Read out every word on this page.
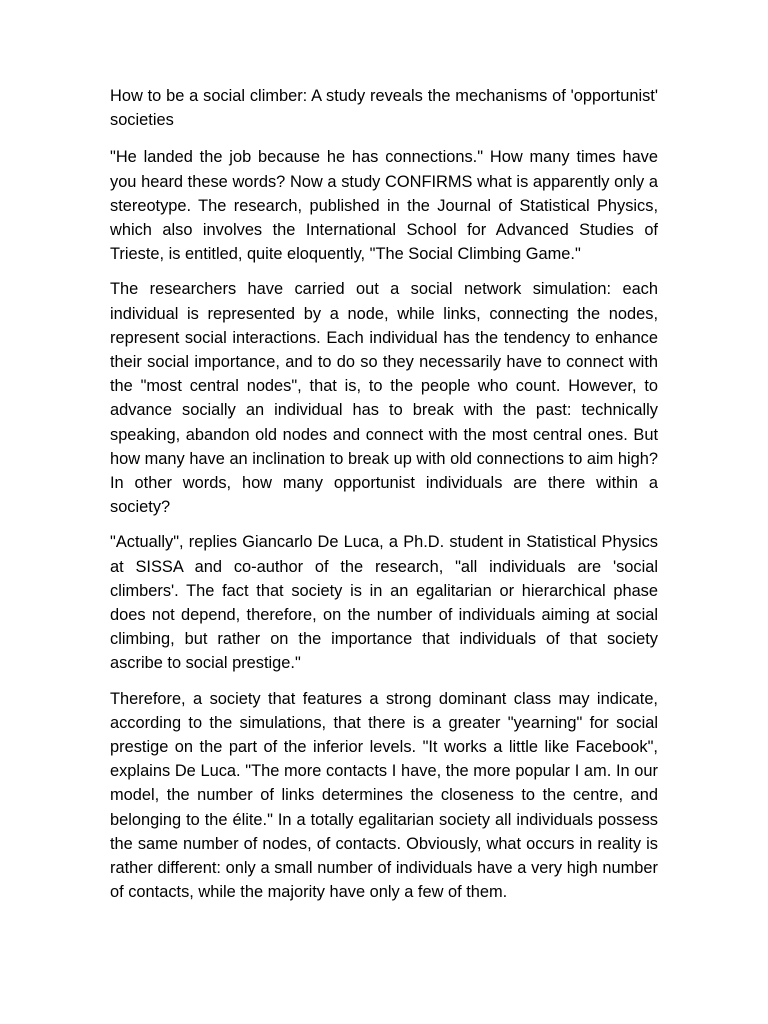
How to be a social climber: A study reveals the mechanisms of 'opportunist' societies

"He landed the job because he has connections." How many times have you heard these words? Now a study CONFIRMS what is apparently only a stereotype. The research, published in the Journal of Statistical Physics, which also involves the International School for Advanced Studies of Trieste, is entitled, quite eloquently, "The Social Climbing Game."

The researchers have carried out a social network simulation: each individual is represented by a node, while links, connecting the nodes, represent social interactions. Each individual has the tendency to enhance their social importance, and to do so they necessarily have to connect with the "most central nodes", that is, to the people who count. However, to advance socially an individual has to break with the past: technically speaking, abandon old nodes and connect with the most central ones. But how many have an inclination to break up with old connections to aim high? In other words, how many opportunist individuals are there within a society?

"Actually", replies Giancarlo De Luca, a Ph.D. student in Statistical Physics at SISSA and co-author of the research, "all individuals are 'social climbers'. The fact that society is in an egalitarian or hierarchical phase does not depend, therefore, on the number of individuals aiming at social climbing, but rather on the importance that individuals of that society ascribe to social prestige."

Therefore, a society that features a strong dominant class may indicate, according to the simulations, that there is a greater "yearning" for social prestige on the part of the inferior levels. "It works a little like Facebook", explains De Luca. "The more contacts I have, the more popular I am. In our model, the number of links determines the closeness to the centre, and belonging to the élite." In a totally egalitarian society all individuals possess the same number of nodes, of contacts. Obviously, what occurs in reality is rather different: only a small number of individuals have a very high number of contacts, while the majority have only a few of them.
